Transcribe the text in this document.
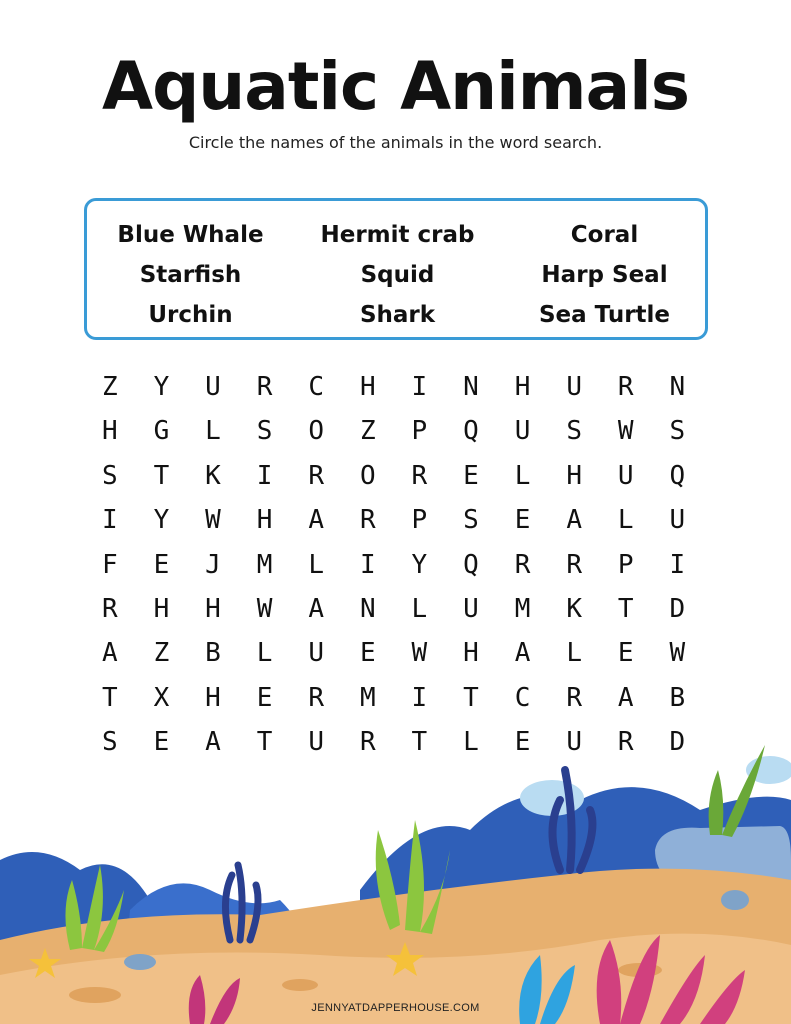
Aquatic Animals
Circle the names of the animals in the word search.
Blue Whale	Hermit crab	Coral
Starfish	Squid	Harp Seal
Urchin	Shark	Sea Turtle
Z	Y	U	R	C	H	I	N	H	U	R	N
H	G	L	S	O	Z	P	Q	U	S	W	S
S	T	K	I	R	O	R	E	L	H	U	Q
I	Y	W	H	A	R	P	S	E	A	L	U
F	E	J	M	L	I	Y	Q	R	R	P	I
R	H	H	W	A	N	L	U	M	K	T	D
A	Z	B	L	U	E	W	H	A	L	E	W
T	X	H	E	R	M	I	T	C	R	A	B
S	E	A	T	U	R	T	L	E	U	R	D
JENNYATDAPPERHOUSE.COM
